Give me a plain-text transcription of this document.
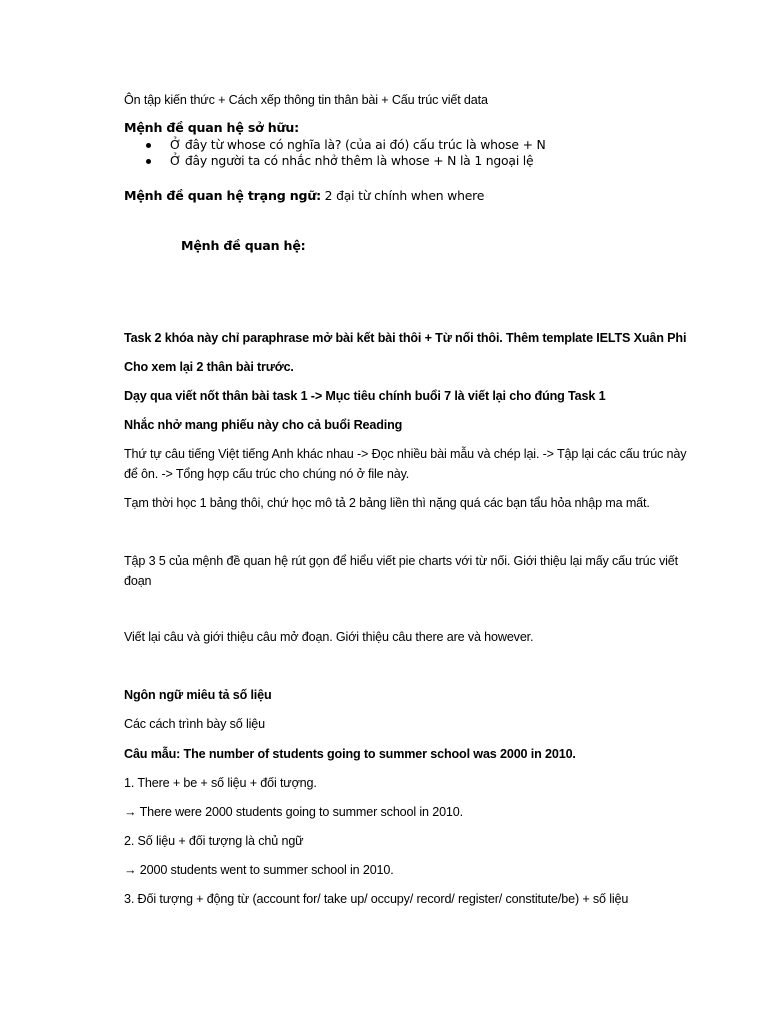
Ôn tập kiến thức + Cách xếp thông tin thân bài + Cấu trúc viết data
Mệnh đề quan hệ sở hữu:
Ở đây từ whose có nghĩa là? (của ai đó) cấu trúc là whose + N
Ở đây người ta có nhắc nhở thêm là whose + N là 1 ngoại lệ
Mệnh đề quan hệ trạng ngữ: 2 đại từ chính when where
Mệnh đề quan hệ:
Task 2 khóa này chỉ paraphrase mở bài kết bài thôi + Từ nối thôi. Thêm template IELTS Xuân Phi
Cho xem lại 2 thân bài trước.
Dạy qua viết nốt thân bài task 1 -> Mục tiêu chính buổi 7 là viết lại cho đúng Task 1
Nhắc nhở mang phiếu này cho cả buổi Reading
Thứ tự câu tiếng Việt tiếng Anh khác nhau -> Đọc nhiều bài mẫu và chép lại. -> Tập lại các cấu trúc này để ôn. -> Tổng hợp cấu trúc cho chúng nó ở file này.
Tạm thời học 1 bảng thôi, chứ học mô tả 2 bảng liền thì nặng quá các bạn tẩu hỏa nhập ma mất.
Tập 3 5 của mệnh đề quan hệ rút gọn để hiểu viết pie charts với từ nối. Giới thiệu lại mấy cấu trúc viết đoạn
Viết lại câu và giới thiệu câu mở đoạn. Giới thiệu câu there are và however.
Ngôn ngữ miêu tả số liệu
Các cách trình bày số liệu
Câu mẫu: The number of students going to summer school was 2000 in 2010.
1. There + be + số liệu + đối tượng.
→ There were 2000 students going to summer school in 2010.
2. Số liệu + đối tượng là chủ ngữ
→ 2000 students went to summer school in 2010.
3. Đối tượng + động từ (account for/ take up/ occupy/ record/ register/ constitute/be) + số liệu
